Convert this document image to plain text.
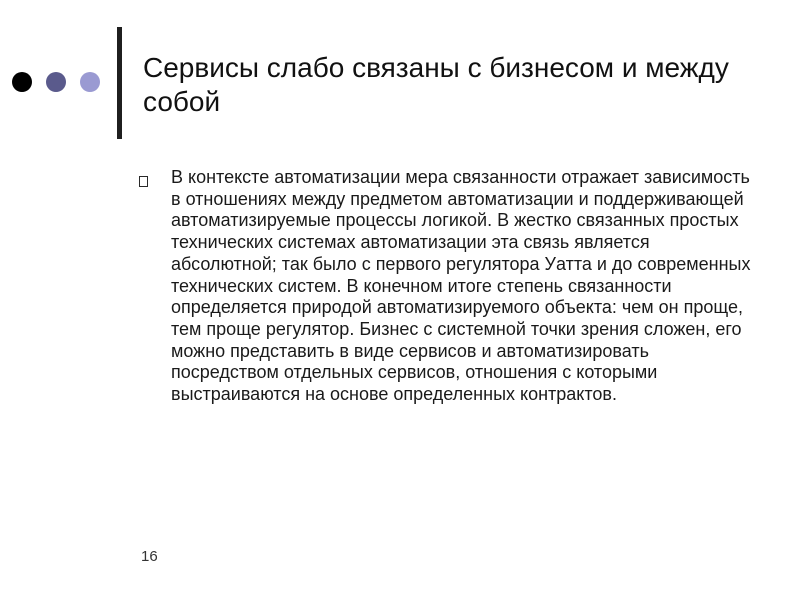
Сервисы слабо связаны с бизнесом и между собой

В контексте автоматизации мера связанности отражает зависимость в отношениях между предметом автоматизации и поддерживающей автоматизируемые процессы логикой. В жестко связанных простых технических системах автоматизации эта связь является абсолютной; так было с первого регулятора Уатта и до современных технических систем. В конечном итоге степень связанности определяется природой автоматизируемого объекта: чем он проще, тем проще регулятор. Бизнес с системной точки зрения сложен, его можно представить в виде сервисов и автоматизировать посредством отдельных сервисов, отношения с которыми выстраиваются на основе определенных контрактов.

16
